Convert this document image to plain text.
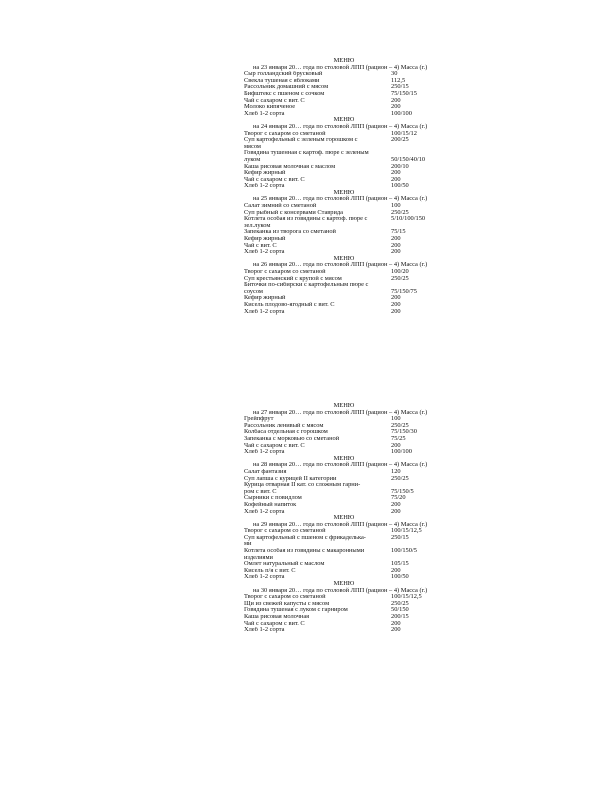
МЕНЮ
на 23 января 20… года по столовой ЛПП (рацион – 4) Масса (г.)
Сыр голландский брусковый	30
Свекла тушеная с яблоками	112,5
Рассольник домашний с мясом	250/15
Бифштекс с пшеном с сочком	75/150/15
Чай с сахаром с вит. С	200
Молоко кипяченое	200
Хлеб 1-2 сорта	100/100
МЕНЮ
на 24 января 20… года по столовой ЛПП (рацион – 4) Масса (г.)
Творог с сахаром со сметаной	100/15/12
Суп картофельный с зеленым горошком с	200/25
мясом
Говядина тушенная с картоф. пюре с зеленым
луком	50/150/40/10
Каша рисовая молочная с маслом	200/10
Кефир жирный	200
Чай с сахаром с вит. С	200
Хлеб 1-2 сорта	100/50
МЕНЮ
на 25 января 20… года по столовой ЛПП (рацион – 4) Масса (г.)
Салат зимний со сметаной	100
Суп рыбный с консервами Ставрида	250/25
Котлета особая из говядины с картоф. пюре с	5/10/100/150
зел.луком
Запеканка из творога со сметаной	75/15
Кефир жирный	200
Чай с вит. С	200
Хлеб 1-2 сорта	200
МЕНЮ
на 26 января 20… года по столовой ЛПП (рацион – 4) Масса (г.)
Творог с сахаром со сметаной	100/20
Суп крестьянский с крупой с мясом	250/25
Биточки по-сибирски с картофельным пюре с
соусом	75/150/75
Кефир жирный	200
Кисель плодово-ягодный с вит. С	200
Хлеб 1-2 сорта	200
МЕНЮ
на 27 января 20… года по столовой ЛПП (рацион – 4) Масса (г.)
Грейпфрут	100
Рассольник ленивый с мясом	250/25
Колбаса отдельная с горошком	75/150/30
Запеканка с морковью со сметаной	75/25
Чай с сахаром с вит. С	200
Хлеб 1-2 сорта	100/100
МЕНЮ
на 28 января 20… года по столовой ЛПП (рацион – 4) Масса (г.)
Салат фантазия	120
Суп лапша с курицей II категории	250/25
Курица отварная II кат. со сложным гарни-
ром с вит. С	75/150/5
Сырники с повидлом	75/20
Кофейный напиток	200
Хлеб 1-2 сорта	200
МЕНЮ
на 29 января 20… года по столовой ЛПП (рацион – 4) Масса (г.)
Творог с сахаром со сметаной	100/15/12,5
Суп картофельный с пшеном с фрикаделька-	250/15
ми
Котлета особая из говядины с макаронными	100/150/5
изделиями
Омлет натуральный с маслом	105/15
Кисель п/я с вит. С	200
Хлеб 1-2 сорта	100/50
МЕНЮ
на 30 января 20… года по столовой ЛПП (рацион – 4) Масса (г.)
Творог с сахаром со сметаной	100/15/12,5
Щи из свежей капусты с мясом	250/25
Говядина тушеная с луком с гарниром	50/150
Каша рисовая молочная	200/15
Чай с сахаром с вит. С	200
Хлеб 1-2 сорта	200
